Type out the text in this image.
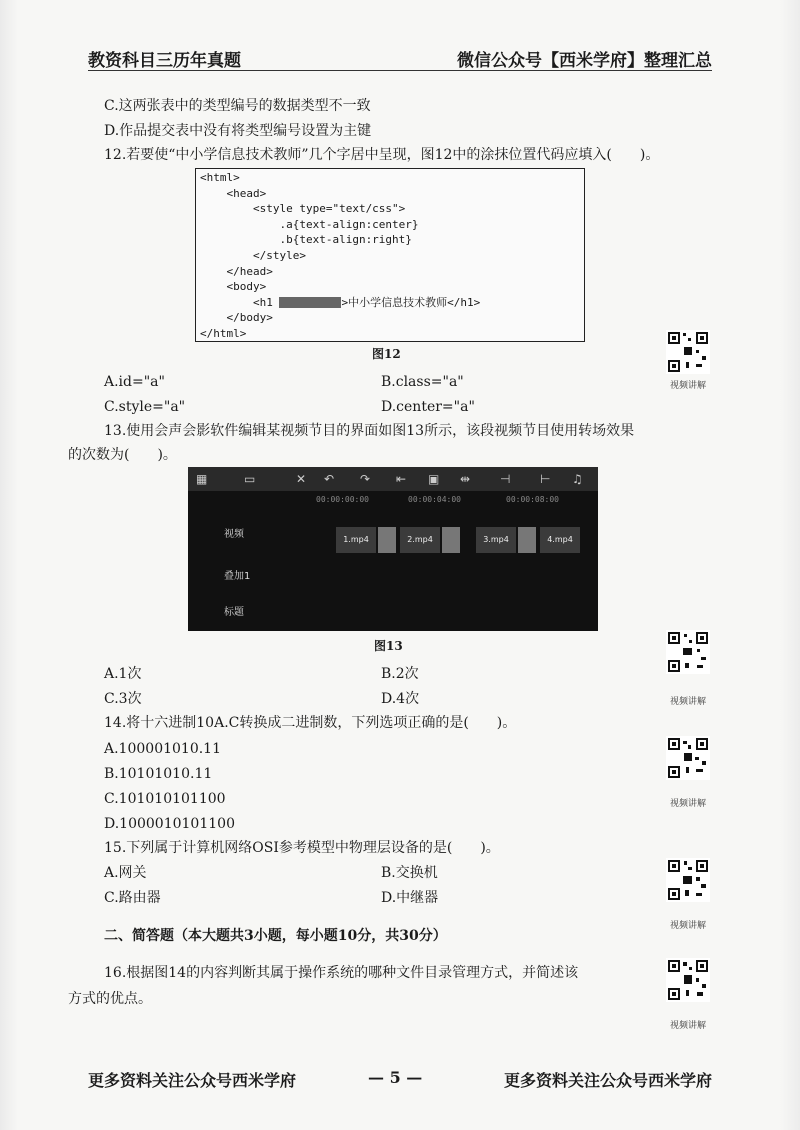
教资科目三历年真题	微信公众号【西米学府】整理汇总
C.这两张表中的类型编号的数据类型不一致
D.作品提交表中没有将类型编号设置为主键
12.若要使“中小学信息技术教师”几个字居中呈现，图12中的涂抹位置代码应填入(　　)。
<html>
<head>
<style type="text/css">
.a{text-align:center}
.b{text-align:right}
</style>
</head>
<body>
<h1	>中小学信息技术教师</h1>
</body>
</html>
图12
A.id="a"	B.class="a"
C.style="a"	D.center="a"
13.使用会声会影软件编辑某视频节目的界面如图13所示，该段视频节目使用转场效果
的次数为(　　)。
▦	▭	✕ ↶ ↷ ⇤ ▣ ⇹ ⊣ ⊢ ♫
00:00:00:00	00:00:04:00	00:00:08:00
视频
叠加1
标题
1.mp4	2.mp4	3.mp4	4.mp4
图13
A.1次	B.2次
C.3次	D.4次
14.将十六进制10A.C转换成二进制数，下列选项正确的是(　　)。
A.100001010.11
B.10101010.11
C.101010101100
D.1000010101100
15.下列属于计算机网络OSI参考模型中物理层设备的是(　　)。
A.网关	B.交换机
C.路由器	D.中继器
二、简答题（本大题共3小题，每小题10分，共30分）
16.根据图14的内容判断其属于操作系统的哪种文件目录管理方式，并简述该
方式的优点。
视频讲解
视频讲解
视频讲解
视频讲解
视频讲解
更多资料关注公众号西米学府	— 5 —	更多资料关注公众号西米学府
